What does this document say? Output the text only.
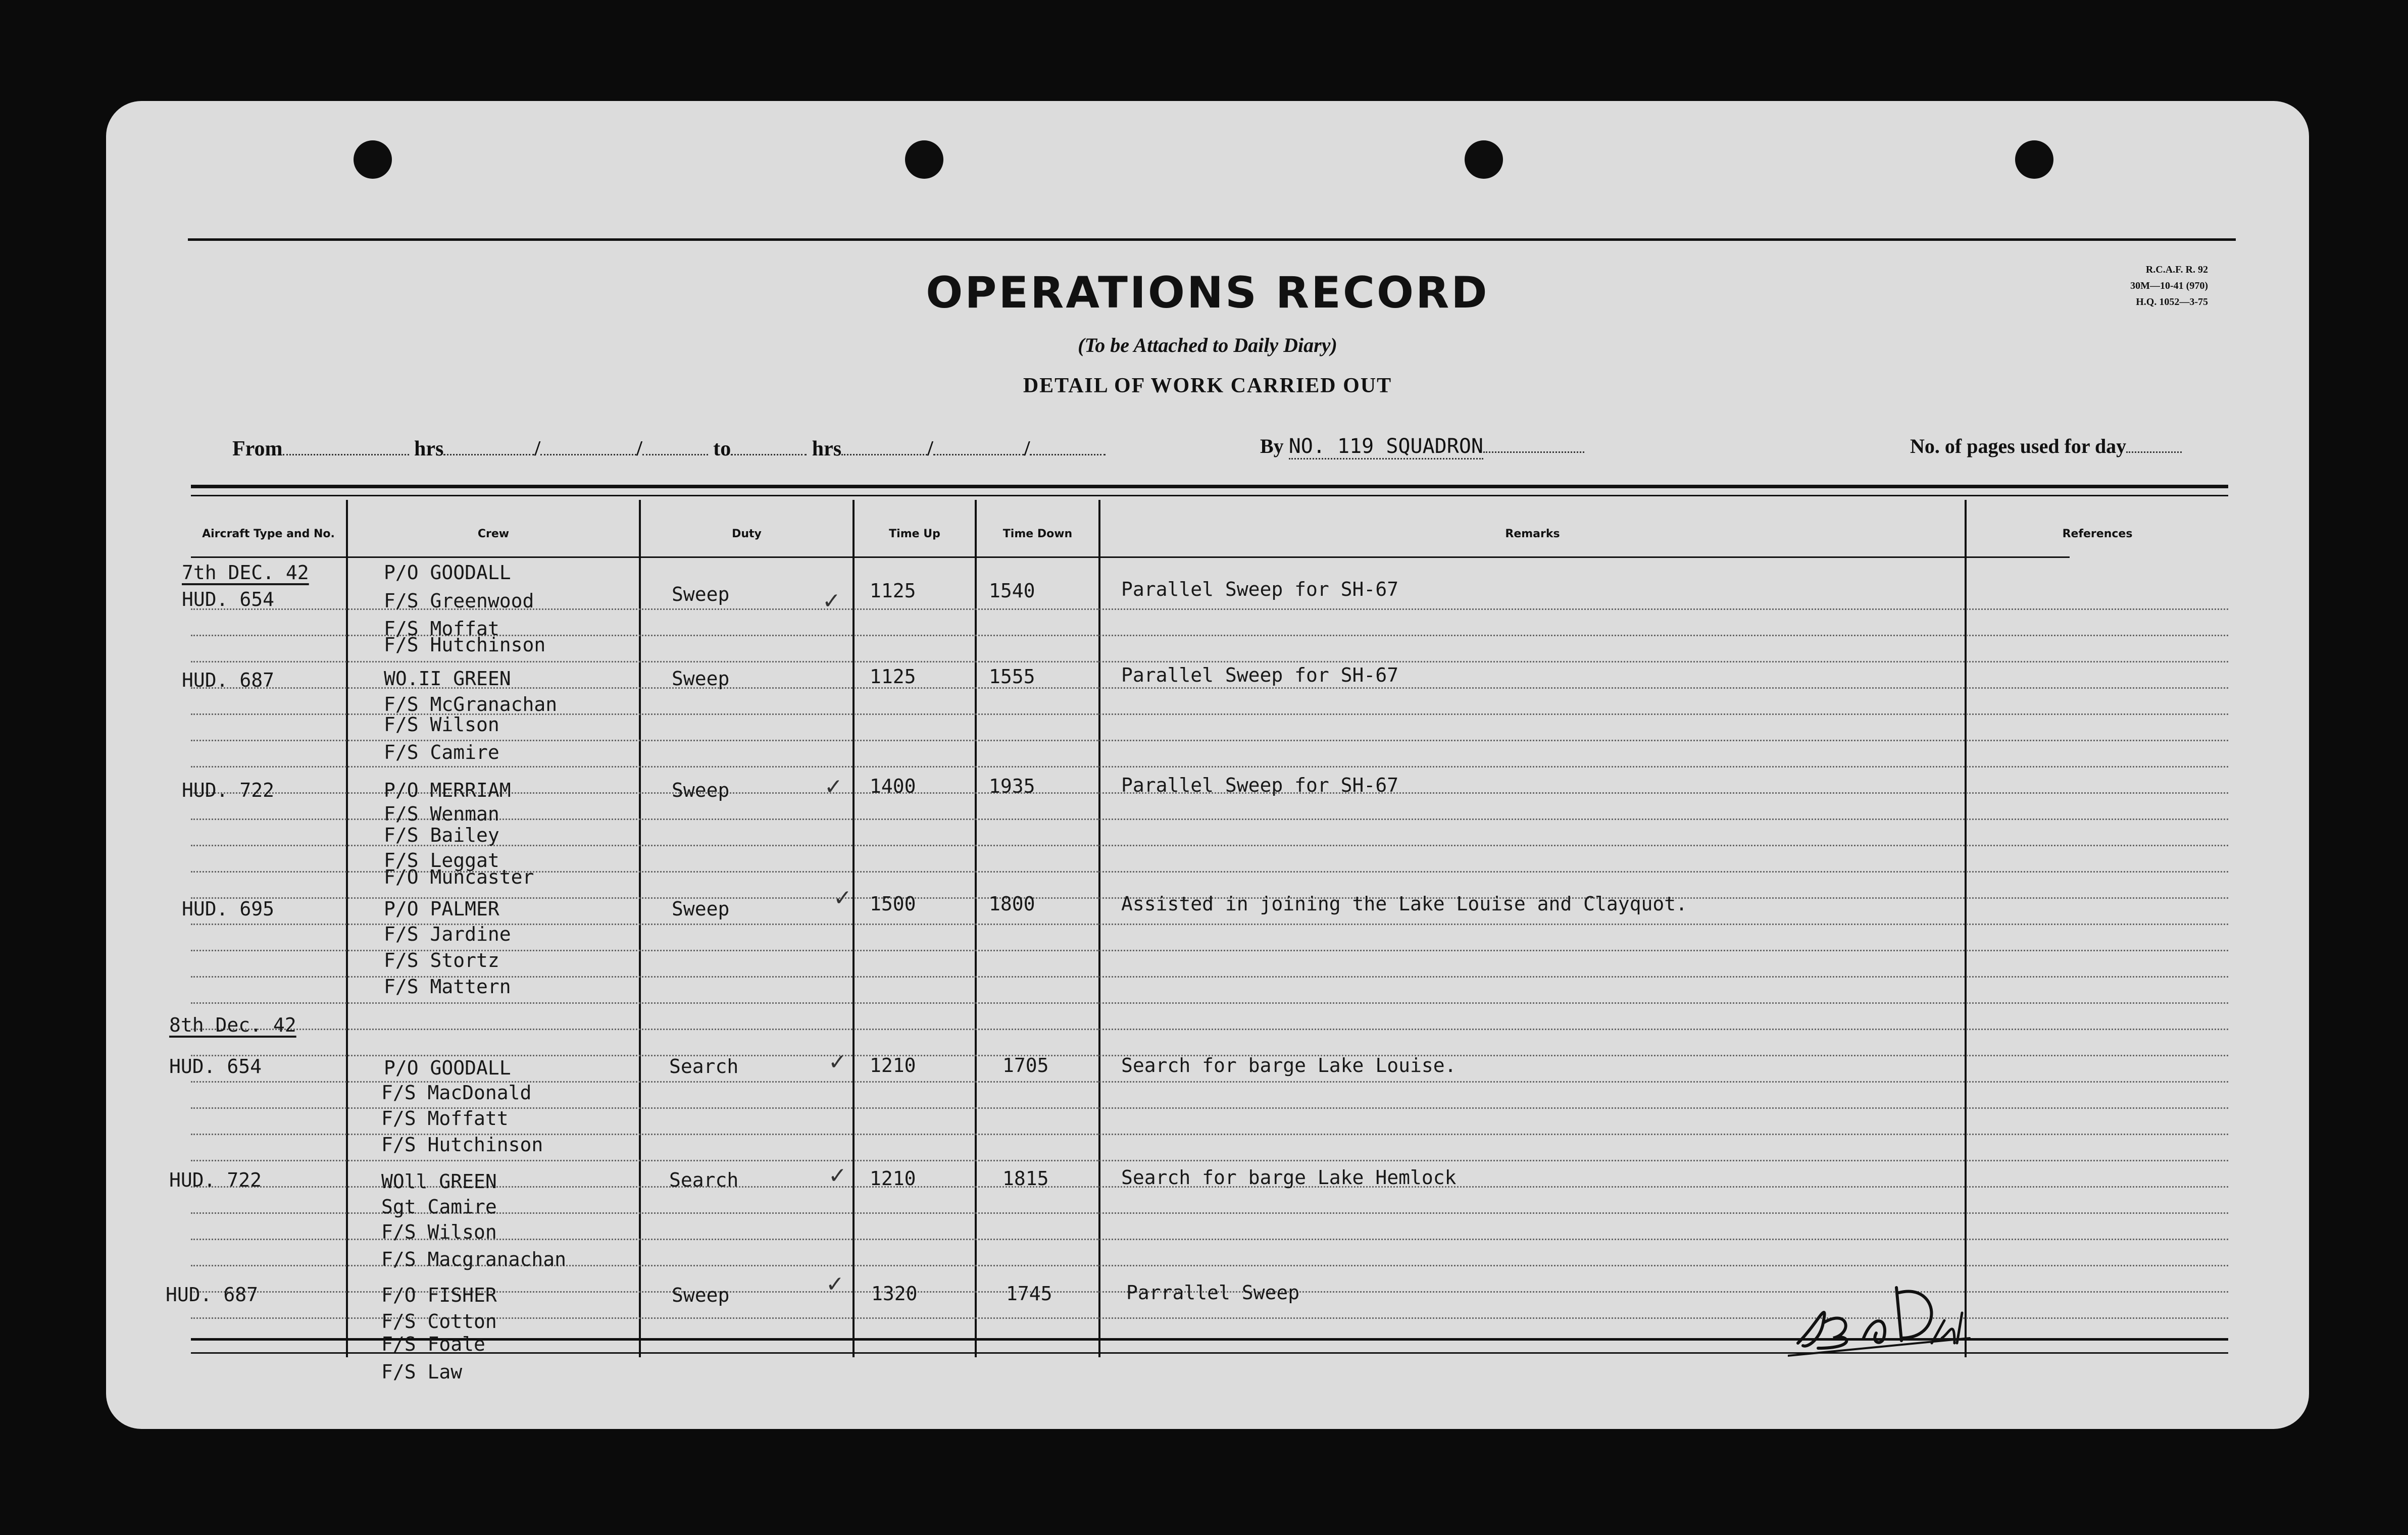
OPERATIONS RECORD
(To be Attached to Daily Diary)
DETAIL OF WORK CARRIED OUT
R.C.A.F. R. 92
30M—10-41 (970)
H.Q. 1052—3-75
From	hrs	/	/	to	hrs	/	/	By NO. 119 SQUADRON	No. of pages used for day
Aircraft Type and No.	Crew	Duty	Time Up	Time Down	Remarks	References
7th DEC. 42
HUD. 654
P/O GOODALL
F/S Greenwood
F/S Moffat
F/S Hutchinson
Sweep	✓ 1125	1540	Parallel Sweep for SH-67
HUD. 687	WO.II GREEN
F/S McGranachan
F/S Wilson
F/S Camire
Sweep	1125	1555	Parallel Sweep for SH-67
HUD. 722	P/O MERRIAM
F/S Wenman
F/S Bailey
F/S Leggat
F/O Muncaster
Sweep	✓ 1400	1935	Parallel Sweep for SH-67
HUD. 695	P/O PALMER
F/S Jardine
F/S Stortz
F/S Mattern
Sweep	✓ 1500	1800	Assisted in joining the Lake Louise and Clayquot.
8th Dec. 42
HUD. 654	P/O GOODALL
F/S MacDonald
F/S Moffatt
F/S Hutchinson
Search	✓ 1210	1705	Search for barge Lake Louise.
HUD. 722	WOll GREEN
Sgt Camire
F/S Wilson
F/S Macgranachan
Search	✓ 1210	1815	Search for barge Lake Hemlock
HUD. 687	F/O FISHER
F/S Cotton
F/S Foale
F/S Law
Sweep	✓ 1320	1745	Parrallel Sweep
